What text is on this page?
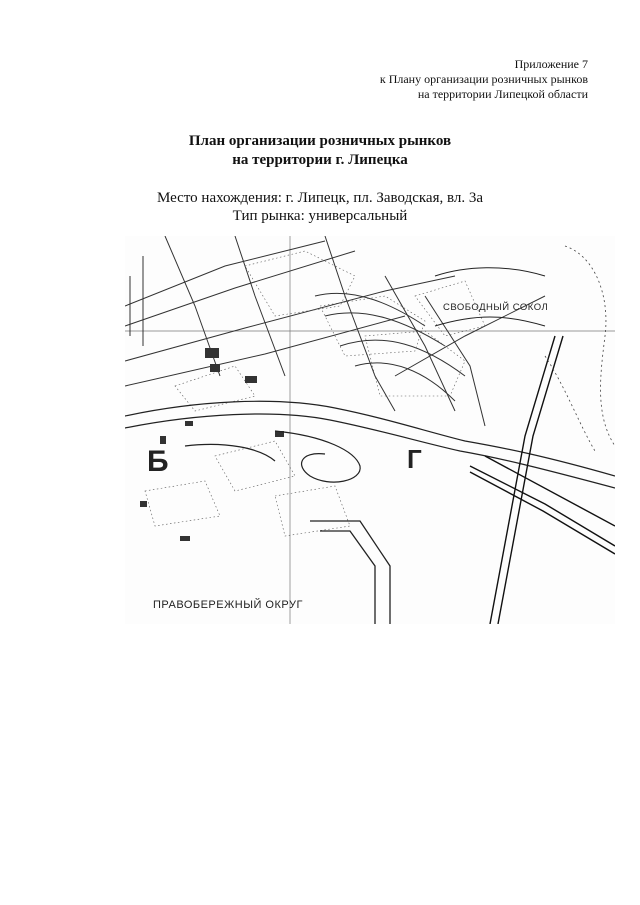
Приложение 7
к Плану организации розничных рынков
на территории Липецкой области
План организации розничных рынков
на территории г. Липецка
Место нахождения: г. Липецк, пл. Заводская, вл. 3а
Тип рынка: универсальный
СВОБОДНЫЙ СОКОЛ
ПРАВОБЕРЕЖНЫЙ ОКРУГ
Б	Г
